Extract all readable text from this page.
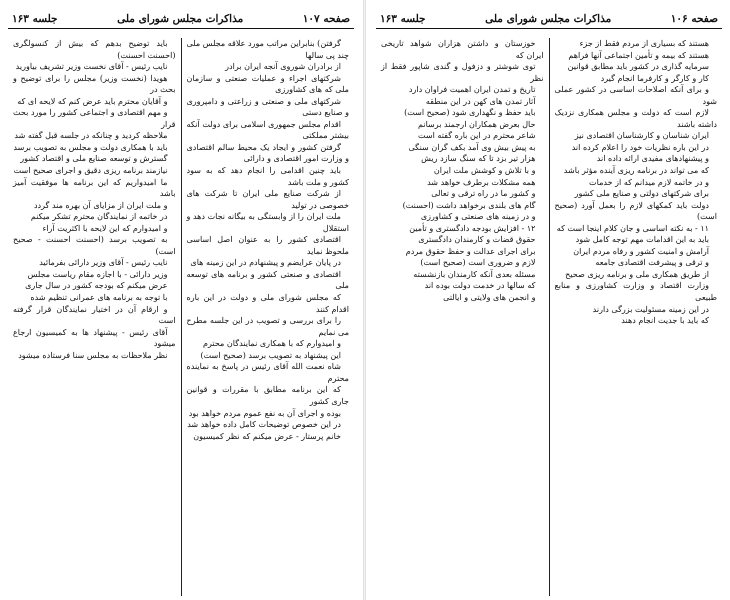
صفحه ۱۰۷
مذاکرات مجلس شورای ملی
جلسه ۱۶۳

گرفتن) بنابراین مراتب مورد علاقه مجلس ملی چند پی سالها

از برادران شوروی آنجه ایران برادر

شرکتهای اجراء و عملیات صنعتی و سازمان ملی که های کشاورزی

شرکتهای ملی و صنعتی و زراعتی و دامپروری و صنایع دستی

اقدام مجلس جمهوری اسلامی برای دولت آنکه بیشتر مملکتی

گرفتن کشور و ایجاد یک محیط سالم اقتصادی و وزارت امور اقتصادی و دارائی

باید چنین اقدامی را انجام دهد که به سود کشور و ملت باشد

از شرکت صنایع ملی ایران تا شرکت های خصوصی در تولید

ملت ایران را از وابستگی به بیگانه نجات دهد و استقلال

اقتصادی کشور را به عنوان اصل اساسی ملحوظ نماید

در پایان عرایضم و پیشنهادم در این زمینه های

اقتصادی و صنعتی کشور و برنامه های توسعه ملی

که مجلس شورای ملی و دولت در این باره اقدام کنند

را برای بررسی و تصویب در این جلسه مطرح می نمایم

و امیدوارم که با همکاری نمایندگان محترم

این پیشنهاد به تصویب برسد (صحیح است)

شاه نعمت الله آقای رئیس در پاسخ به نماینده محترم

که این برنامه مطابق با مقررات و قوانین جاری کشور

بوده و اجرای آن به نفع عموم مردم خواهد بود

در این خصوص توضیحات کامل داده خواهد شد

خانم پرستار - عرض میکنم که نظر کمیسیون

باید توضیح بدهم که بیش از کنسولگری (احسنت احسنت)

نایب رئیس - آقای نخست وزیر تشریف بیاورید

هویدا (نخست وزیر) مجلس را برای توضیح و بحث در

و آقایان محترم باید عرض کنم که لایحه ای که

و مهم اقتصادی و اجتماعی کشور را مورد بحث قرار

ملاحظه کردید و چنانکه در جلسه قبل گفته شد

باید با همکاری دولت و مجلس به تصویب برسد

گسترش و توسعه صنایع ملی و اقتصاد کشور

نیازمند برنامه ریزی دقیق و اجرای صحیح است

ما امیدواریم که این برنامه ها موفقیت آمیز باشد

و ملت ایران از مزایای آن بهره مند گردد

در خاتمه از نمایندگان محترم تشکر میکنم

و امیدوارم که این لایحه با اکثریت آراء

به تصویب برسد (احسنت احسنت - صحیح است)

نایب رئیس - آقای وزیر دارائی بفرمائید

وزیر دارائی - با اجازه مقام ریاست مجلس

عرض میکنم که بودجه کشور در سال جاری

با توجه به برنامه های عمرانی تنظیم شده

و ارقام آن در اختیار نمایندگان قرار گرفته است

آقای رئیس - پیشنهاد ها به کمیسیون ارجاع میشود

نظر ملاحظات به مجلس سنا فرستاده میشود

صفحه ۱۰۶
مذاکرات مجلس شورای ملی
جلسه ۱۶۳

هستند که بسیاری از مردم فقط از جزء

هستند که بیمه و تأمین اجتماعی آنها فراهم

سرمایه گذاری در کشور باید مطابق قوانین

کار و کارگر و کارفرما انجام گیرد

و برای آنکه اصلاحات اساسی در کشور عملی شود

لازم است که دولت و مجلس همکاری نزدیک داشته باشند

ایران شناسان و کارشناسان اقتصادی نیز

در این باره نظریات خود را اعلام کرده اند

و پیشنهادهای مفیدی ارائه داده اند

که می تواند در برنامه ریزی آینده مؤثر باشد

و در خاتمه لازم میدانم که از خدمات

برای شرکتهای دولتی و صنایع ملی کشور

دولت باید کمکهای لازم را بعمل آورد (صحیح است)

۱۱ - به نکته اساسی و جان کلام اینجا است که

باید به این اقدامات مهم توجه کامل شود

آرامش و امنیت کشور و رفاه مردم ایران

و ترقی و پیشرفت اقتصادی جامعه

از طریق همکاری ملی و برنامه ریزی صحیح

وزارت اقتصاد و وزارت کشاورزی و منابع طبیعی

در این زمینه مسئولیت بزرگی دارند

که باید با جدیت انجام دهند

خوزستان و داشتن هزاران شواهد تاریخی ایران که

توی شوشتر و دزفول و گندی شاپور فقط از نظر

تاریخ و تمدن ایران اهمیت فراوان دارد

آثار تمدن های کهن در این منطقه

باید حفظ و نگهداری شود (صحیح است)

حال بعرض همکاران ارجمند برسانم

شاعر محترم در این باره گفته است

به پیش بیش وی آمد بکف گران سنگی

هزار تیر بزد تا که سنگ سازد ریش

و با تلاش و کوشش ملت ایران

همه مشکلات برطرف خواهد شد

و کشور ما در راه ترقی و تعالی

گام های بلندی برخواهد داشت (احسنت)

و در زمینه های صنعتی و کشاورزی

۱۲ - افزایش بودجه دادگستری و تأمین

حقوق قضات و کارمندان دادگستری

برای اجرای عدالت و حفظ حقوق مردم

لازم و ضروری است (صحیح است)

مسئله بعدی آنکه کارمندان بازنشسته

که سالها در خدمت دولت بوده اند

و انجمن های ولایتی و ایالتی
